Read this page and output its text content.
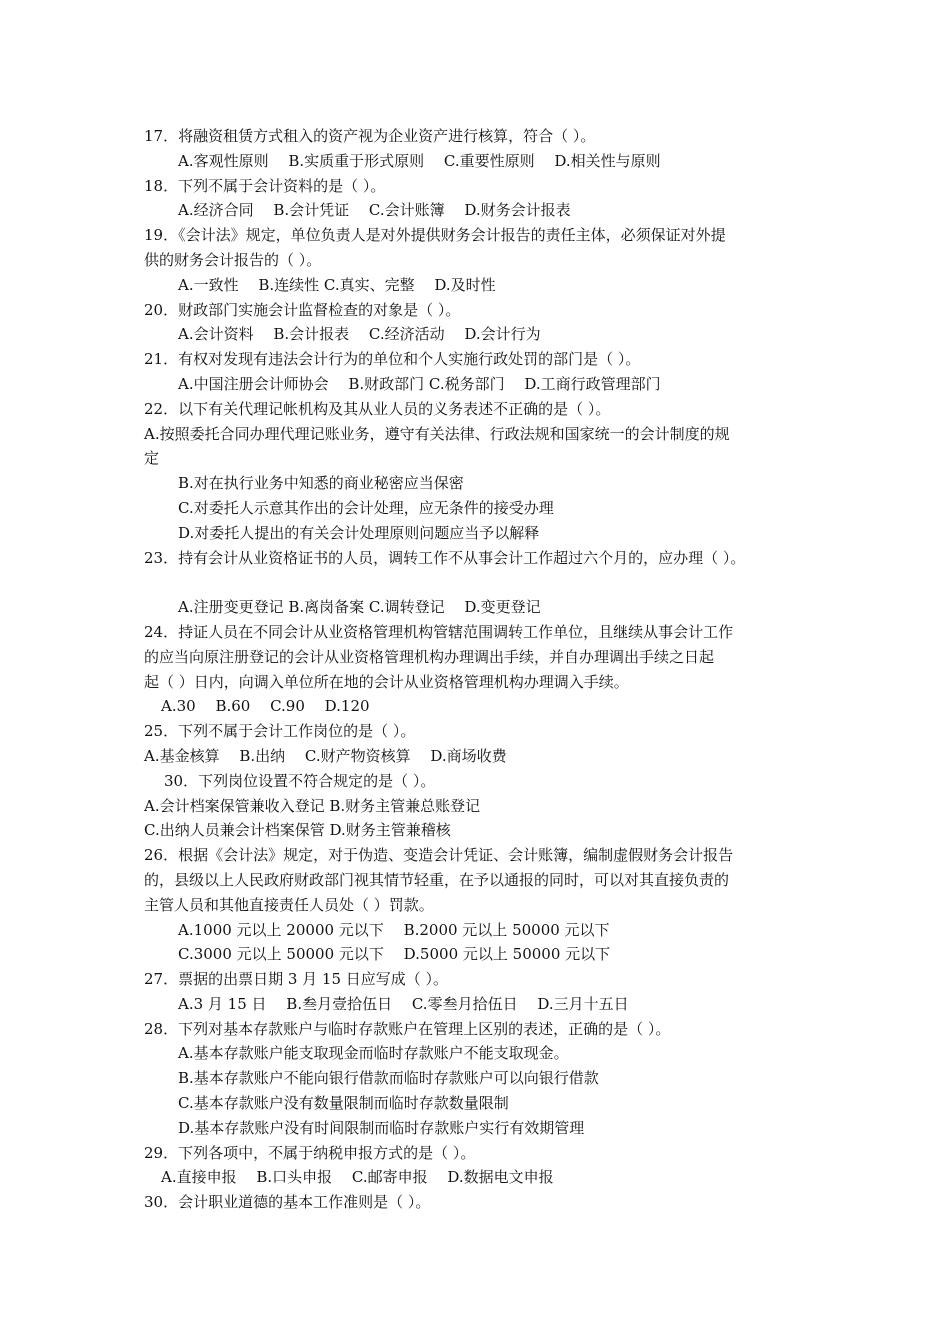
17．将融资租赁方式租入的资产视为企业资产进行核算，符合（ ）。
A.客观性原则　 B.实质重于形式原则　 C.重要性原则　 D.相关性与原则
18．下列不属于会计资料的是（ ）。
A.经济合同　 B.会计凭证　 C.会计账簿　 D.财务会计报表
19．《会计法》规定，单位负责人是对外提供财务会计报告的责任主体，必须保证对外提
供的财务会计报告的（ ）。
A.一致性　 B.连续性 C.真实、完整　 D.及时性
20．财政部门实施会计监督检查的对象是（ ）。
A.会计资料　 B.会计报表　 C.经济活动　 D.会计行为
21．有权对发现有违法会计行为的单位和个人实施行政处罚的部门是（ ）。
A.中国注册会计师协会　 B.财政部门 C.税务部门　 D.工商行政管理部门
22．以下有关代理记帐机构及其从业人员的义务表述不正确的是（ ）。
A.按照委托合同办理代理记账业务，遵守有关法律、行政法规和国家统一的会计制度的规
定
B.对在执行业务中知悉的商业秘密应当保密
C.对委托人示意其作出的会计处理，应无条件的接受办理
D.对委托人提出的有关会计处理原则问题应当予以解释
23．持有会计从业资格证书的人员，调转工作不从事会计工作超过六个月的，应办理（ ）。
A.注册变更登记 B.离岗备案 C.调转登记　 D.变更登记
24．持证人员在不同会计从业资格管理机构管辖范围调转工作单位，且继续从事会计工作
的应当向原注册登记的会计从业资格管理机构办理调出手续，并自办理调出手续之日起
起（ ）日内，向调入单位所在地的会计从业资格管理机构办理调入手续。
A.30　 B.60　 C.90　 D.120
25．下列不属于会计工作岗位的是（ ）。
A.基金核算　 B.出纳　 C.财产物资核算　 D.商场收费
　30．下列岗位设置不符合规定的是（ ）。
A.会计档案保管兼收入登记 B.财务主管兼总账登记
C.出纳人员兼会计档案保管 D.财务主管兼稽核
26．根据《会计法》规定，对于伪造、变造会计凭证、会计账簿，编制虚假财务会计报告
的，县级以上人民政府财政部门视其情节轻重，在予以通报的同时，可以对其直接负责的
主管人员和其他直接责任人员处（ ）罚款。
A.1000 元以上 20000 元以下　 B.2000 元以上 50000 元以下
C.3000 元以上 50000 元以下　 D.5000 元以上 50000 元以下
27．票据的出票日期 3 月 15 日应写成（ ）。
A.3 月 15 日　 B.叁月壹拾伍日　 C.零叁月拾伍日　 D.三月十五日
28．下列对基本存款账户与临时存款账户在管理上区别的表述，正确的是（ ）。
A.基本存款账户能支取现金而临时存款账户不能支取现金。
B.基本存款账户不能向银行借款而临时存款账户可以向银行借款
C.基本存款账户没有数量限制而临时存款数量限制
D.基本存款账户没有时间限制而临时存款账户实行有效期管理
29．下列各项中，不属于纳税申报方式的是（ ）。
A.直接申报　 B.口头申报　 C.邮寄申报　 D.数据电文申报
30．会计职业道德的基本工作准则是（ ）。
